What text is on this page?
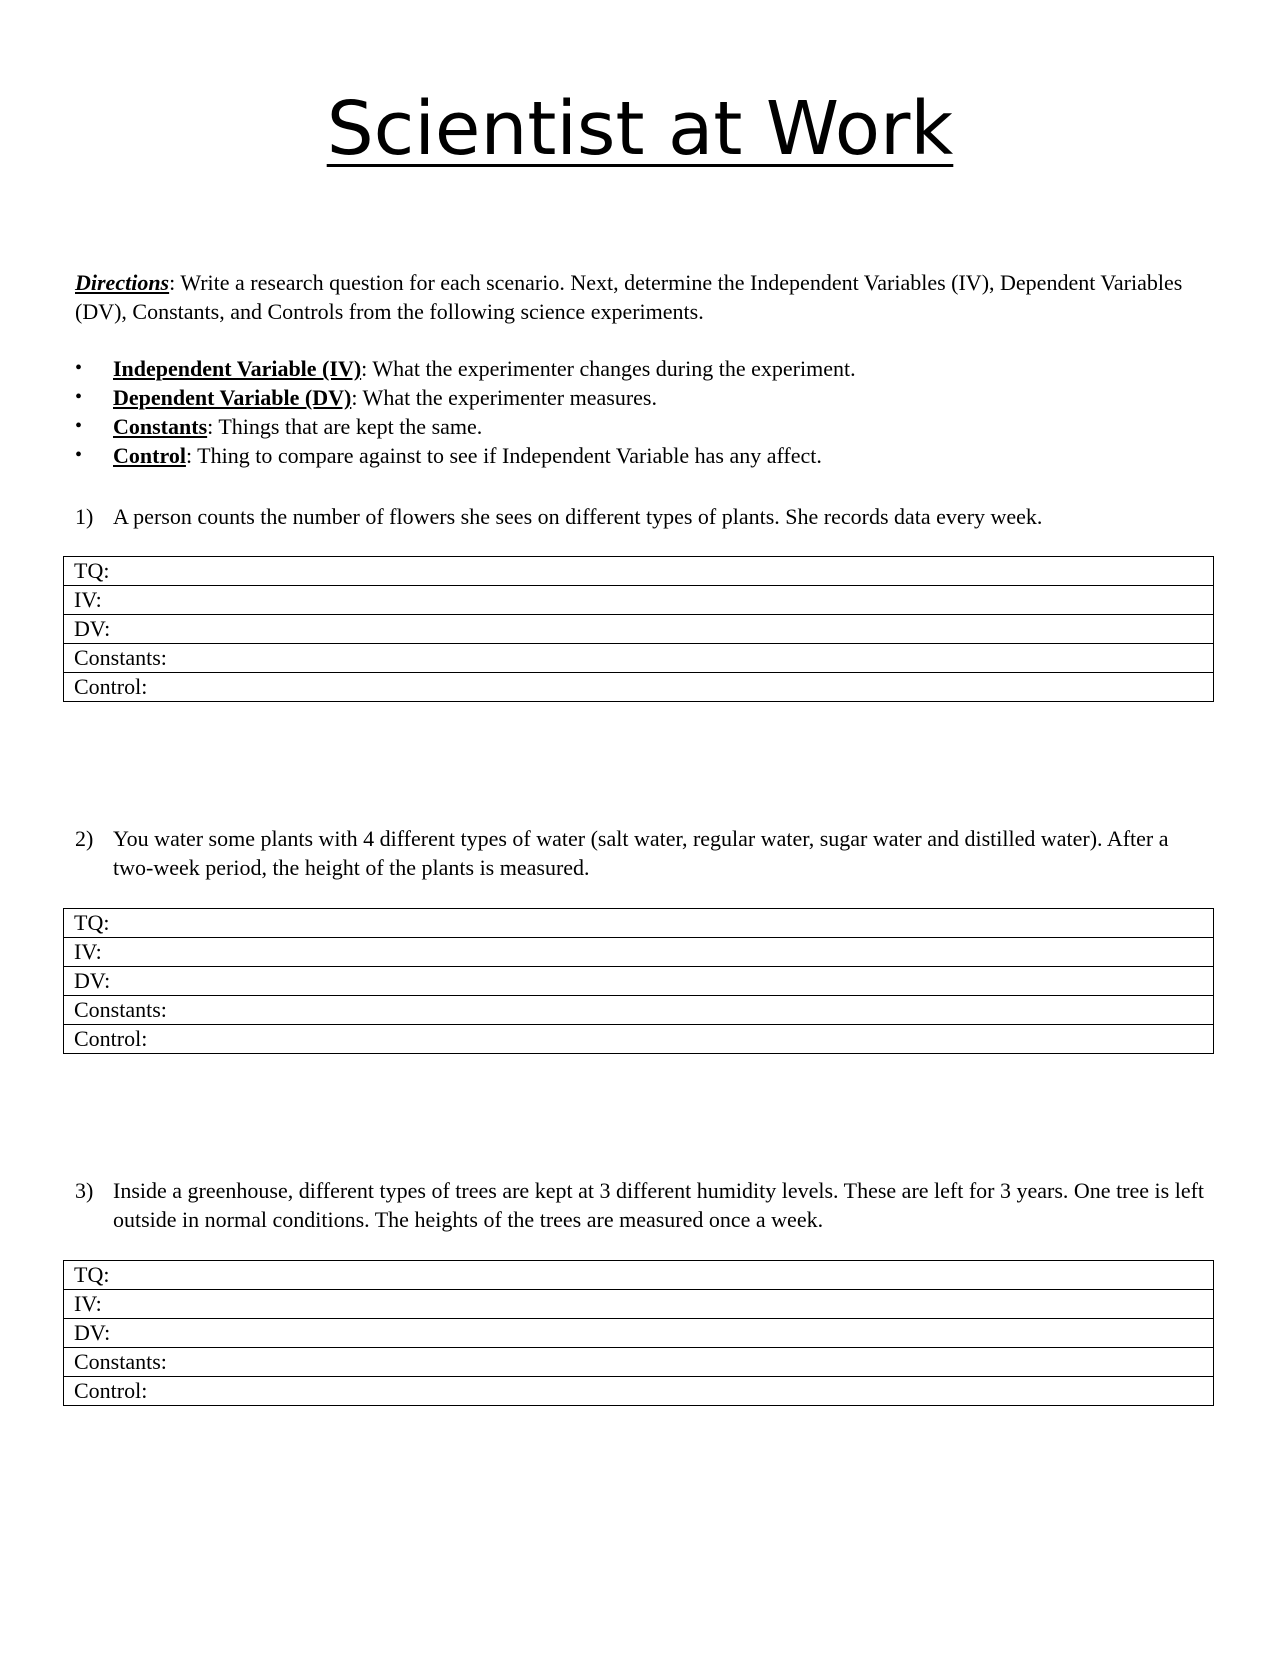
Scientist at Work

Directions: Write a research question for each scenario. Next, determine the Independent Variables (IV), Dependent Variables (DV), Constants, and Controls from the following science experiments.

• Independent Variable (IV): What the experimenter changes during the experiment.
• Dependent Variable (DV): What the experimenter measures.
• Constants: Things that are kept the same.
• Control: Thing to compare against to see if Independent Variable has any affect.
1) A person counts the number of flowers she sees on different types of plants. She records data every week.
TQ:
IV:
DV:
Constants:
Control:
2) You water some plants with 4 different types of water (salt water, regular water, sugar water and distilled water). After a two-week period, the height of the plants is measured.
TQ:
IV:
DV:
Constants:
Control:
3) Inside a greenhouse, different types of trees are kept at 3 different humidity levels. These are left for 3 years. One tree is left outside in normal conditions. The heights of the trees are measured once a week.
TQ:
IV:
DV:
Constants:
Control:
